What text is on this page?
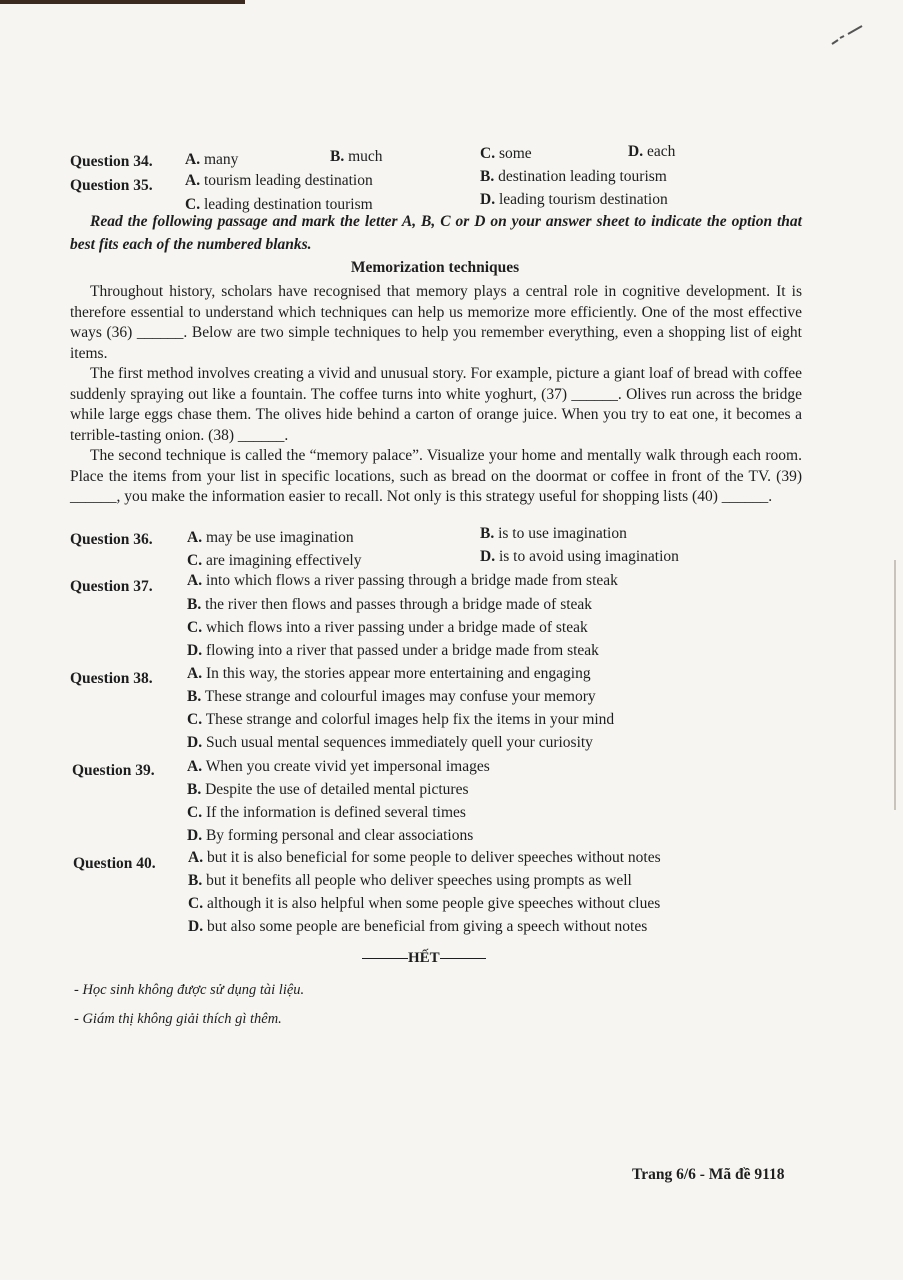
Question 34. A. many	B. much	C. some	D. each
Question 35. A. tourism leading destination	B. destination leading tourism
C. leading destination tourism	D. leading tourism destination
Read the following passage and mark the letter A, B, C or D on your answer sheet to indicate the option that best fits each of the numbered blanks.
Memorization techniques
Throughout history, scholars have recognised that memory plays a central role in cognitive development. It is therefore essential to understand which techniques can help us memorize more efficiently. One of the most effective ways (36) ______. Below are two simple techniques to help you remember everything, even a shopping list of eight items.
The first method involves creating a vivid and unusual story. For example, picture a giant loaf of bread with coffee suddenly spraying out like a fountain. The coffee turns into white yoghurt, (37) ______. Olives run across the bridge while large eggs chase them. The olives hide behind a carton of orange juice. When you try to eat one, it becomes a terrible-tasting onion. (38) ______.
The second technique is called the “memory palace”. Visualize your home and mentally walk through each room. Place the items from your list in specific locations, such as bread on the doormat or coffee in front of the TV. (39) ______, you make the information easier to recall. Not only is this strategy useful for shopping lists (40) ______.
Question 36. A. may be use imagination	B. is to use imagination
C. are imagining effectively	D. is to avoid using imagination
Question 37. A. into which flows a river passing through a bridge made from steak
B. the river then flows and passes through a bridge made of steak
C. which flows into a river passing under a bridge made of steak
D. flowing into a river that passed under a bridge made from steak
Question 38. A. In this way, the stories appear more entertaining and engaging
B. These strange and colourful images may confuse your memory
C. These strange and colorful images help fix the items in your mind
D. Such usual mental sequences immediately quell your curiosity
Question 39. A. When you create vivid yet impersonal images
B. Despite the use of detailed mental pictures
C. If the information is defined several times
D. By forming personal and clear associations
Question 40. A. but it is also beneficial for some people to deliver speeches without notes
B. but it benefits all people who deliver speeches using prompts as well
C. although it is also helpful when some people give speeches without clues
D. but also some people are beneficial from giving a speech without notes
HẾT
- Học sinh không được sử dụng tài liệu.
- Giám thị không giải thích gì thêm.
Trang 6/6 - Mã đề 9118
